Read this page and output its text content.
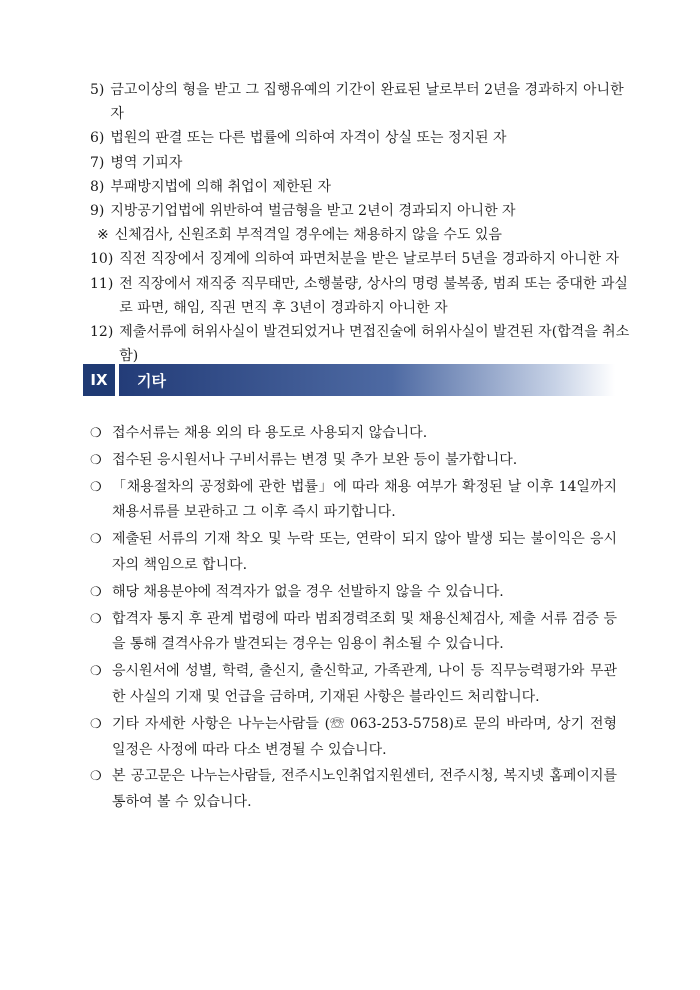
5) 금고이상의 형을 받고 그 집행유예의 기간이 완료된 날로부터 2년을 경과하지 아니한 자
6) 법원의 판결 또는 다른 법률에 의하여 자격이 상실 또는 정지된 자
7) 병역 기피자
8) 부패방지법에 의해 취업이 제한된 자
9) 지방공기업법에 위반하여 벌금형을 받고 2년이 경과되지 아니한 자
※ 신체검사, 신원조회 부적격일 경우에는 채용하지 않을 수도 있음
10) 직전 직장에서 징계에 의하여 파면처분을 받은 날로부터 5년을 경과하지 아니한 자
11) 전 직장에서 재직중 직무태만, 소행불량, 상사의 명령 불복종, 범죄 또는 중대한 과실로 파면, 해임, 직권 면직 후 3년이 경과하지 아니한 자
12) 제출서류에 허위사실이 발견되었거나 면접진술에 허위사실이 발견된 자(합격을 취소함)
IX	기타
❍ 접수서류는 채용 외의 타 용도로 사용되지 않습니다.
❍ 접수된 응시원서나 구비서류는 변경 및 추가 보완 등이 불가합니다.
❍ 「채용절차의 공정화에 관한 법률」에 따라 채용 여부가 확정된 날 이후 14일까지 채용서류를 보관하고 그 이후 즉시 파기합니다.
❍ 제출된 서류의 기재 착오 및 누락 또는, 연락이 되지 않아 발생 되는 불이익은 응시자의 책임으로 합니다.
❍ 해당 채용분야에 적격자가 없을 경우 선발하지 않을 수 있습니다.
❍ 합격자 통지 후 관계 법령에 따라 범죄경력조회 및 채용신체검사, 제출 서류 검증 등을 통해 결격사유가 발견되는 경우는 임용이 취소될 수 있습니다.
❍ 응시원서에 성별, 학력, 출신지, 출신학교, 가족관계, 나이 등 직무능력평가와 무관한 사실의 기재 및 언급을 금하며, 기재된 사항은 블라인드 처리합니다.
❍ 기타 자세한 사항은 나누는사람들 (☏ 063-253-5758)로 문의 바라며, 상기 전형 일정은 사정에 따라 다소 변경될 수 있습니다.
❍ 본 공고문은 나누는사람들, 전주시노인취업지원센터, 전주시청, 복지넷 홈페이지를 통하여 볼 수 있습니다.
